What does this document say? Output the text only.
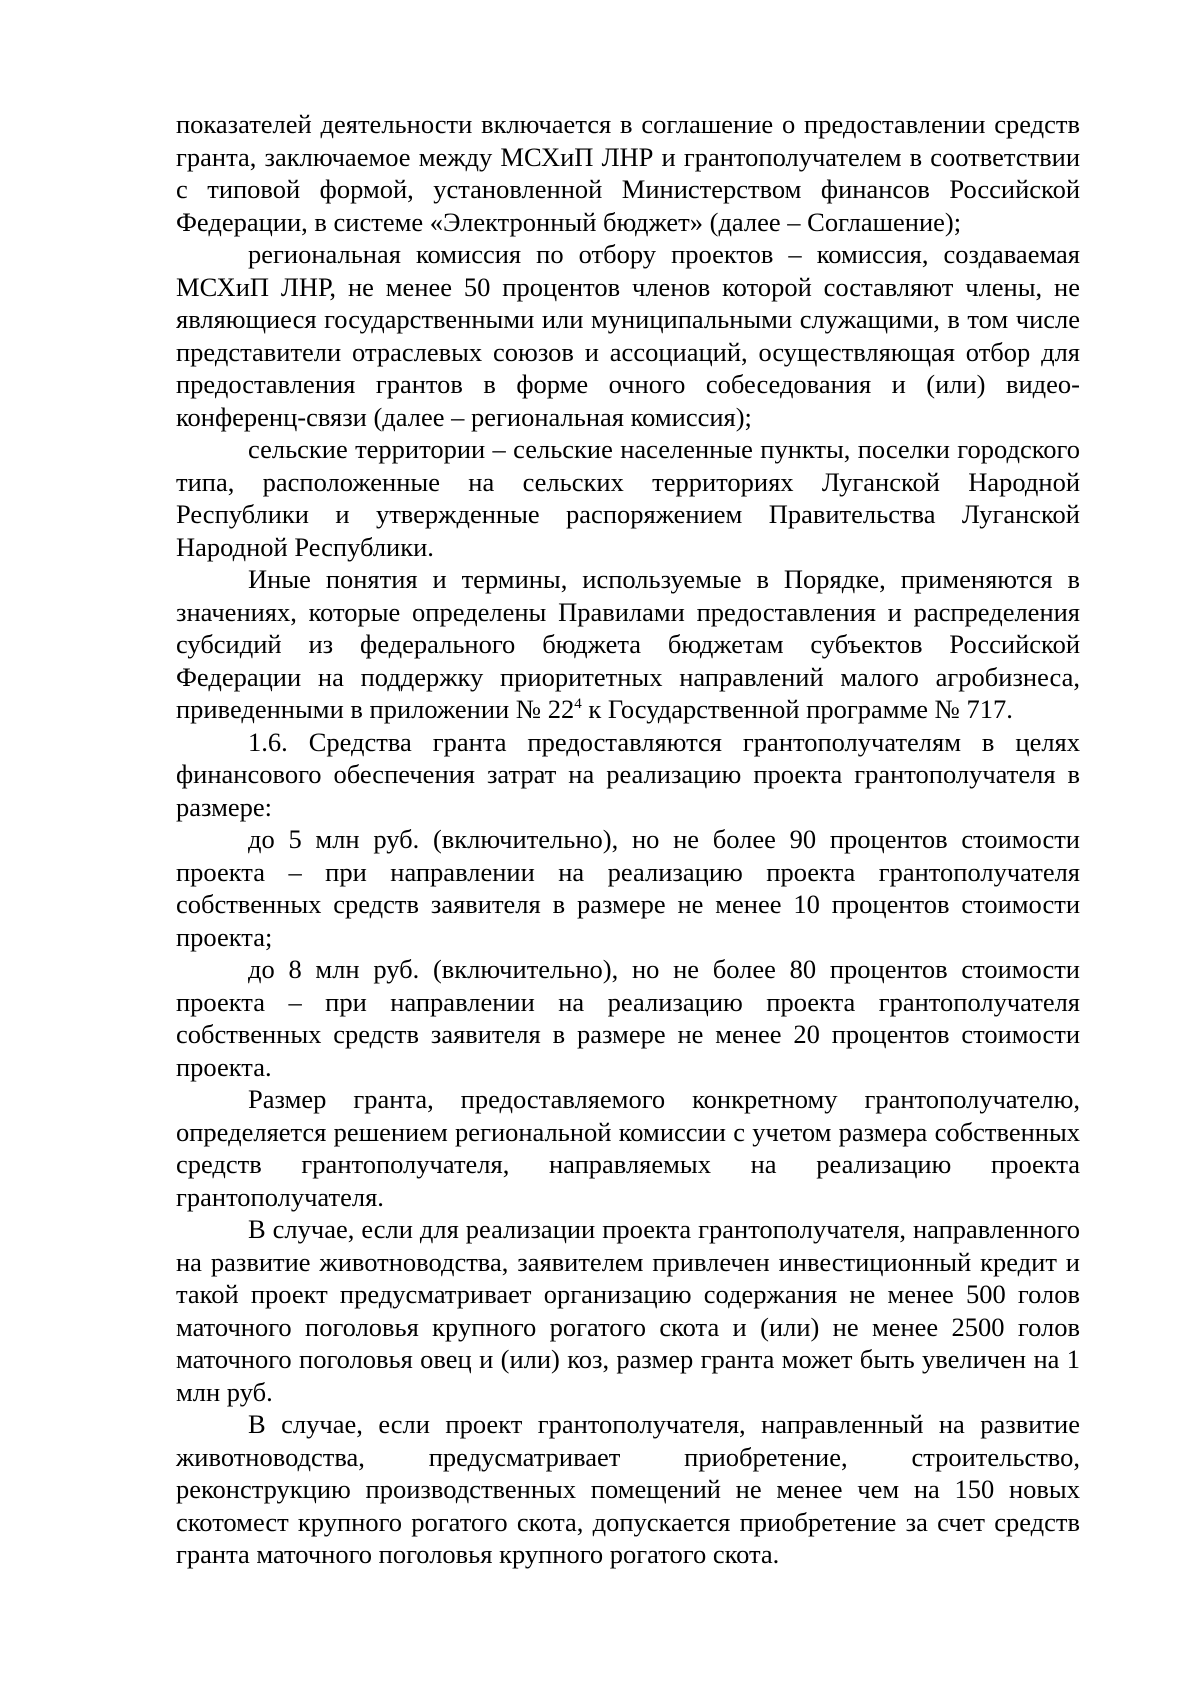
показателей деятельности включается в соглашение о предоставлении средств гранта, заключаемое между МСХиП ЛНР и грантополучателем в соответствии с типовой формой, установленной Министерством финансов Российской Федерации, в системе «Электронный бюджет» (далее – Соглашение);

региональная комиссия по отбору проектов – комиссия, создаваемая МСХиП ЛНР, не менее 50 процентов членов которой составляют члены, не являющиеся государственными или муниципальными служащими, в том числе представители отраслевых союзов и ассоциаций, осуществляющая отбор для предоставления грантов в форме очного собеседования и (или) видео-конференц-связи (далее – региональная комиссия);

сельские территории – сельские населенные пункты, поселки городского типа, расположенные на сельских территориях Луганской Народной Республики и утвержденные распоряжением Правительства Луганской Народной Республики.

Иные понятия и термины, используемые в Порядке, применяются в значениях, которые определены Правилами предоставления и распределения субсидий из федерального бюджета бюджетам субъектов Российской Федерации на поддержку приоритетных направлений малого агробизнеса, приведенными в приложении № $22^4$ к Государственной программе № 717.

1.6. Средства гранта предоставляются грантополучателям в целях финансового обеспечения затрат на реализацию проекта грантополучателя в размере:

до 5 млн руб. (включительно), но не более 90 процентов стоимости проекта – при направлении на реализацию проекта грантополучателя собственных средств заявителя в размере не менее 10 процентов стоимости проекта;

до 8 млн руб. (включительно), но не более 80 процентов стоимости проекта – при направлении на реализацию проекта грантополучателя собственных средств заявителя в размере не менее 20 процентов стоимости проекта.

Размер гранта, предоставляемого конкретному грантополучателю, определяется решением региональной комиссии с учетом размера собственных средств грантополучателя, направляемых на реализацию проекта грантополучателя.

В случае, если для реализации проекта грантополучателя, направленного на развитие животноводства, заявителем привлечен инвестиционный кредит и такой проект предусматривает организацию содержания не менее 500 голов маточного поголовья крупного рогатого скота и (или) не менее 2500 голов маточного поголовья овец и (или) коз, размер гранта может быть увеличен на 1 млн руб.

В случае, если проект грантополучателя, направленный на развитие животноводства, предусматривает приобретение, строительство, реконструкцию производственных помещений не менее чем на 150 новых скотомест крупного рогатого скота, допускается приобретение за счет средств гранта маточного поголовья крупного рогатого скота.
